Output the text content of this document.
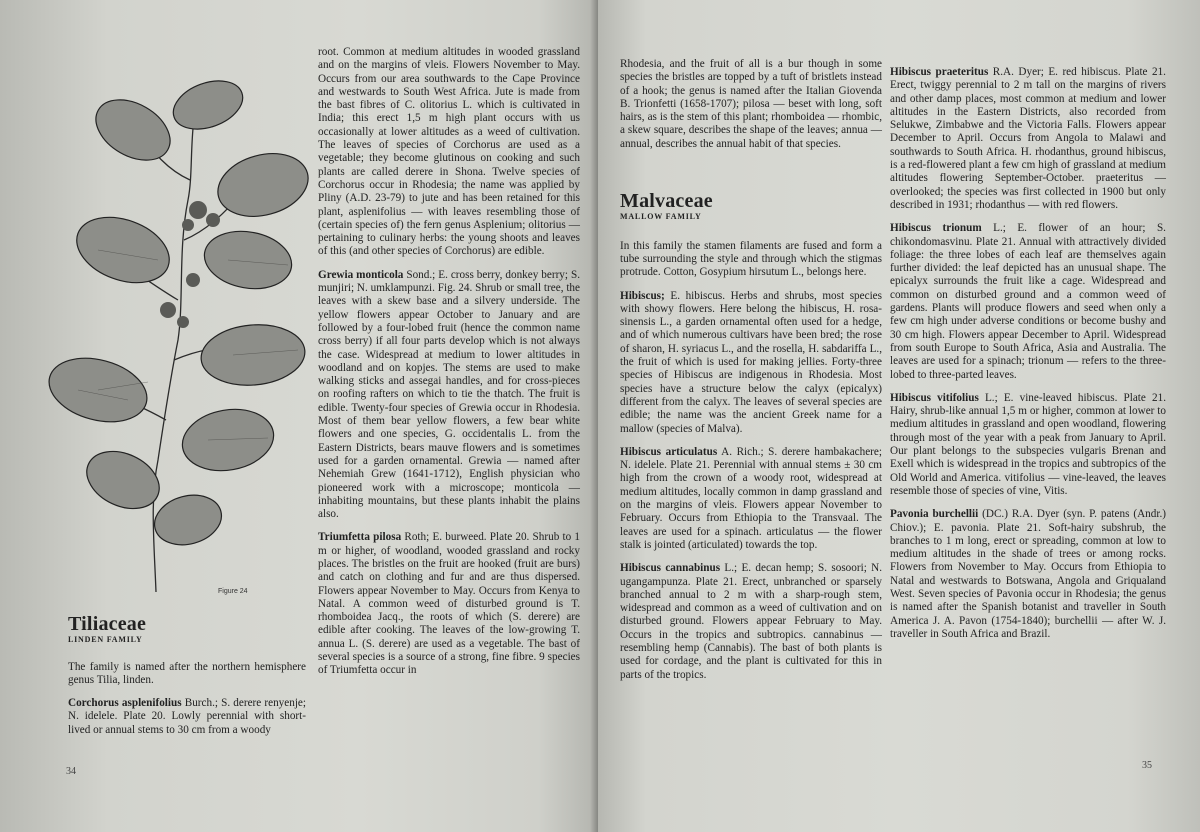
Figure 24
Tiliaceae
LINDEN FAMILY

The family is named after the northern hemisphere genus Tilia, linden.

Corchorus asplenifolius Burch.; S. derere renyenje; N. idelele. Plate 20. Lowly perennial with short-lived or annual stems to 30 cm from a woody

root. Common at medium altitudes in wooded grassland and on the margins of vleis. Flowers November to May. Occurs from our area southwards to the Cape Province and westwards to South West Africa. Jute is made from the bast fibres of C. olitorius L. which is cultivated in India; this erect 1,5 m high plant occurs with us occasionally at lower altitudes as a weed of cultivation. The leaves of species of Corchorus are used as a vegetable; they become glutinous on cooking and such plants are called derere in Shona. Twelve species of Corchorus occur in Rhodesia; the name was applied by Pliny (A.D. 23-79) to jute and has been retained for this plant, asplenifolius — with leaves resembling those of (certain species of) the fern genus Asplenium; olitorius — pertaining to culinary herbs: the young shoots and leaves of this (and other species of Corchorus) are edible.

Grewia monticola Sond.; E. cross berry, donkey berry; S. munjiri; N. umklampunzi. Fig. 24. Shrub or small tree, the leaves with a skew base and a silvery underside. The yellow flowers appear October to January and are followed by a four-lobed fruit (hence the common name cross berry) if all four parts develop which is not always the case. Widespread at medium to lower altitudes in woodland and on kopjes. The stems are used to make walking sticks and assegai handles, and for cross-pieces on roofing rafters on which to tie the thatch. The fruit is edible. Twenty-four species of Grewia occur in Rhodesia. Most of them bear yellow flowers, a few bear white flowers and one species, G. occidentalis L. from the Eastern Districts, bears mauve flowers and is sometimes used for a garden ornamental. Grewia — named after Nehemiah Grew (1641-1712), English physician who pioneered work with a microscope; monticola — inhabiting mountains, but these plants inhabit the plains also.

Triumfetta pilosa Roth; E. burweed. Plate 20. Shrub to 1 m or higher, of woodland, wooded grassland and rocky places. The bristles on the fruit are hooked (fruit are burs) and catch on clothing and fur and are thus dispersed. Flowers appear November to May. Occurs from Kenya to Natal. A common weed of disturbed ground is T. rhomboidea Jacq., the roots of which (S. derere) are edible after cooking. The leaves of the low-growing T. annua L. (S. derere) are used as a vegetable. The bast of several species is a source of a strong, fine fibre. 9 species of Triumfetta occur in

34

Rhodesia, and the fruit of all is a bur though in some species the bristles are topped by a tuft of bristlets instead of a hook; the genus is named after the Italian Giovenda B. Trionfetti (1658-1707); pilosa — beset with long, soft hairs, as is the stem of this plant; rhomboidea — rhombic, a skew square, describes the shape of the leaves; annua — annual, describes the annual habit of that species.

Malvaceae
MALLOW FAMILY

In this family the stamen filaments are fused and form a tube surrounding the style and through which the stigmas protrude. Cotton, Gosypium hirsutum L., belongs here.

Hibiscus; E. hibiscus. Herbs and shrubs, most species with showy flowers. Here belong the hibiscus, H. rosa-sinensis L., a garden ornamental often used for a hedge, and of which numerous cultivars have been bred; the rose of sharon, H. syriacus L., and the rosella, H. sabdariffa L., the fruit of which is used for making jellies. Forty-three species of Hibiscus are indigenous in Rhodesia. Most species have a structure below the calyx (epicalyx) different from the calyx. The leaves of several species are edible; the name was the ancient Greek name for a mallow (species of Malva).

Hibiscus articulatus A. Rich.; S. derere hambakachere; N. idelele. Plate 21. Perennial with annual stems ± 30 cm high from the crown of a woody root, widespread at medium altitudes, locally common in damp grassland and on the margins of vleis. Flowers appear November to February. Occurs from Ethiopia to the Transvaal. The leaves are used for a spinach. articulatus — the flower stalk is jointed (articulated) towards the top.

Hibiscus cannabinus L.; E. decan hemp; S. sosoori; N. ugangampunza. Plate 21. Erect, unbranched or sparsely branched annual to 2 m with a sharp-rough stem, widespread and common as a weed of cultivation and on disturbed ground. Flowers appear February to May. Occurs in the tropics and subtropics. cannabinus — resembling hemp (Cannabis). The bast of both plants is used for cordage, and the plant is cultivated for this in parts of the tropics.

Hibiscus praeteritus R.A. Dyer; E. red hibiscus. Plate 21. Erect, twiggy perennial to 2 m tall on the margins of rivers and other damp places, most common at medium and lower altitudes in the Eastern Districts, also recorded from Selukwe, Zimbabwe and the Victoria Falls. Flowers appear December to April. Occurs from Angola to Malawi and southwards to South Africa. H. rhodanthus, ground hibiscus, is a red-flowered plant a few cm high of grassland at medium altitudes flowering September-October. praeteritus — overlooked; the species was first collected in 1900 but only described in 1931; rhodanthus — with red flowers.

Hibiscus trionum L.; E. flower of an hour; S. chikondomasvinu. Plate 21. Annual with attractively divided foliage: the three lobes of each leaf are themselves again further divided: the leaf depicted has an unusual shape. The epicalyx surrounds the fruit like a cage. Widespread and common on disturbed ground and a common weed of gardens. Plants will produce flowers and seed when only a few cm high under adverse conditions or become bushy and 30 cm high. Flowers appear December to April. Widespread from south Europe to South Africa, Asia and Australia. The leaves are used for a spinach; trionum — refers to the three-lobed to three-parted leaves.

Hibiscus vitifolius L.; E. vine-leaved hibiscus. Plate 21. Hairy, shrub-like annual 1,5 m or higher, common at lower to medium altitudes in grassland and open woodland, flowering through most of the year with a peak from January to April. Our plant belongs to the subspecies vulgaris Brenan and Exell which is widespread in the tropics and subtropics of the Old World and America. vitifolius — vine-leaved, the leaves resemble those of species of vine, Vitis.

Pavonia burchellii (DC.) R.A. Dyer (syn. P. patens (Andr.) Chiov.); E. pavonia. Plate 21. Soft-hairy subshrub, the branches to 1 m long, erect or spreading, common at low to medium altitudes in the shade of trees or among rocks. Flowers from November to May. Occurs from Ethiopia to Natal and westwards to Botswana, Angola and Griqualand West. Seven species of Pavonia occur in Rhodesia; the genus is named after the Spanish botanist and traveller in South America J. A. Pavon (1754-1840); burchellii — after W. J. traveller in South Africa and Brazil.

35
